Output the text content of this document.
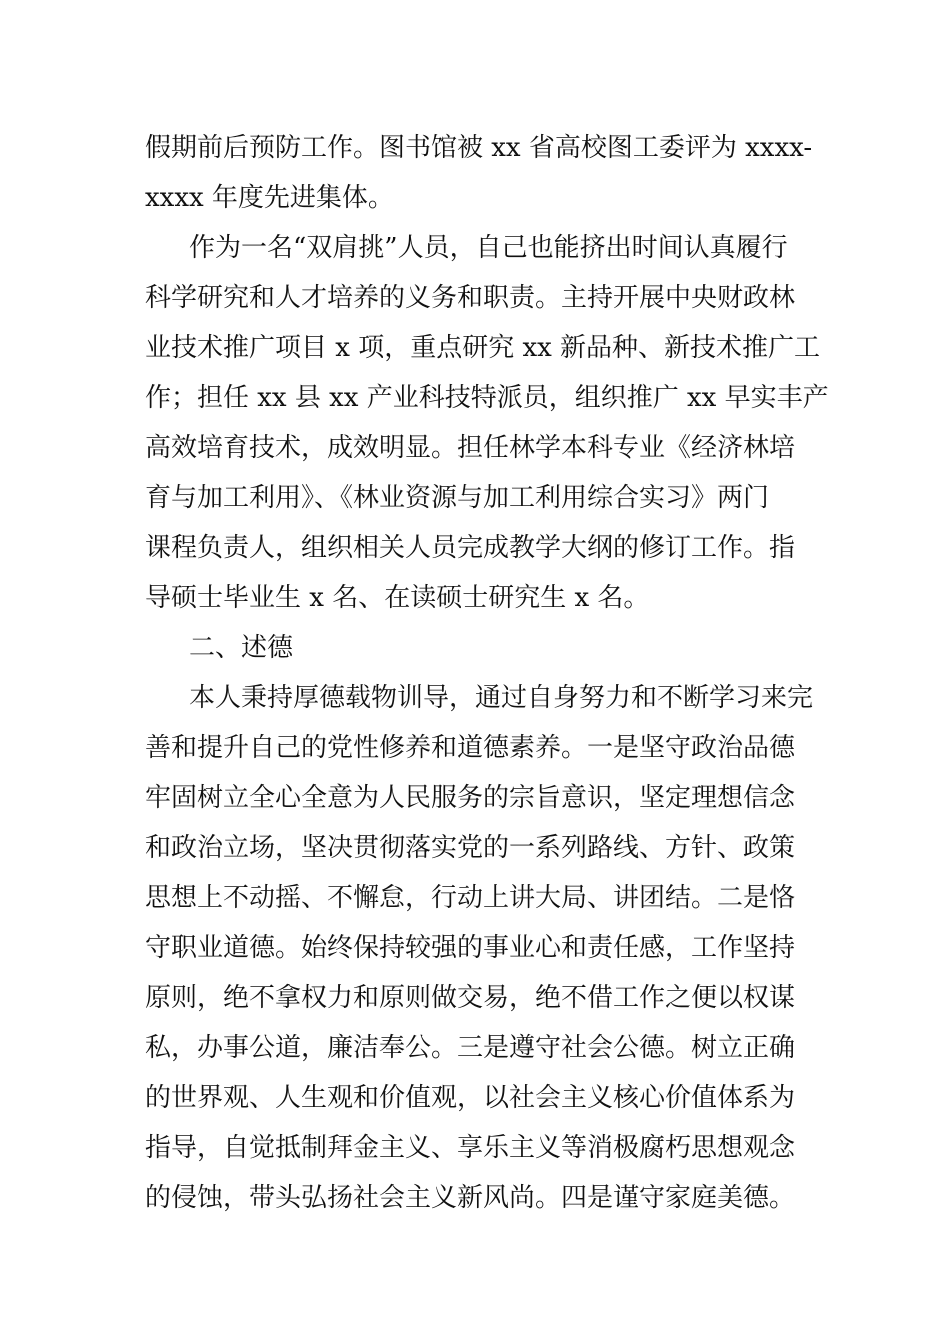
假期前后预防工作。图书馆被 xx 省高校图工委评为 xxxx-
xxxx 年度先进集体。
作为一名“双肩挑”人员，自己也能挤出时间认真履行
科学研究和人才培养的义务和职责。主持开展中央财政林
业技术推广项目 x 项，重点研究 xx 新品种、新技术推广工
作；担任 xx 县 xx 产业科技特派员，组织推广 xx 早实丰产
高效培育技术，成效明显。担任林学本科专业《经济林培
育与加工利用》、《林业资源与加工利用综合实习》两门
课程负责人，组织相关人员完成教学大纲的修订工作。指
导硕士毕业生 x 名、在读硕士研究生 x 名。
二、述德
本人秉持厚德载物训导，通过自身努力和不断学习来完
善和提升自己的党性修养和道德素养。一是坚守政治品德
牢固树立全心全意为人民服务的宗旨意识，坚定理想信念
和政治立场，坚决贯彻落实党的一系列路线、方针、政策
思想上不动摇、不懈怠，行动上讲大局、讲团结。二是恪
守职业道德。始终保持较强的事业心和责任感，工作坚持
原则，绝不拿权力和原则做交易，绝不借工作之便以权谋
私，办事公道，廉洁奉公。三是遵守社会公德。树立正确
的世界观、人生观和价值观，以社会主义核心价值体系为
指导，自觉抵制拜金主义、享乐主义等消极腐朽思想观念
的侵蚀，带头弘扬社会主义新风尚。四是谨守家庭美德。
